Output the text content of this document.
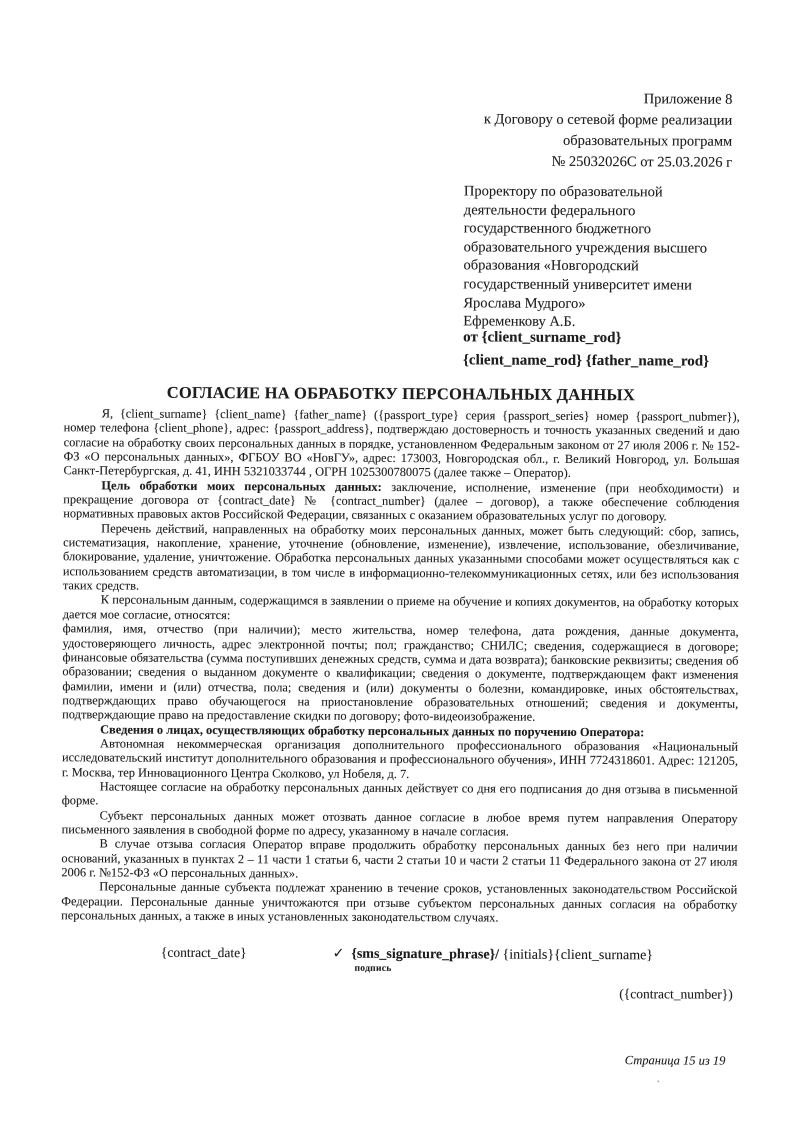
Приложение 8
к Договору о сетевой форме реализации
образовательных программ
№ 25032026С от 25.03.2026 г
Проректору по образовательной
деятельности федерального
государственного бюджетного
образовательного учреждения высшего
образования «Новгородский
государственный университет имени
Ярослава Мудрого»
Ефременкову А.Б.
от {client_surname_rod}
{client_name_rod} {father_name_rod}
СОГЛАСИЕ НА ОБРАБОТКУ ПЕРСОНАЛЬНЫХ ДАННЫХ

Я, {client_surname} {client_name} {father_name} ({passport_type} серия {passport_series} номер {passport_nubmer}), номер телефона {client_phone}, адрес: {passport_address}, подтверждаю достоверность и точность указанных сведений и даю согласие на обработку своих персональных данных в порядке, установленном Федеральным законом от 27 июля 2006 г. № 152-ФЗ «О персональных данных», ФГБОУ ВО «НовГУ», адрес: 173003, Новгородская обл., г. Великий Новгород, ул. Большая Санкт-Петербургская, д. 41, ИНН 5321033744 , ОГРН 1025300780075 (далее также – Оператор).

Цель обработки моих персональных данных: заключение, исполнение, изменение (при необходимости) и прекращение договора от {contract_date} № {contract_number} (далее – договор), а также обеспечение соблюдения нормативных правовых актов Российской Федерации, связанных с оказанием образовательных услуг по договору.

Перечень действий, направленных на обработку моих персональных данных, может быть следующий: сбор, запись, систематизация, накопление, хранение, уточнение (обновление, изменение), извлечение, использование, обезличивание, блокирование, удаление, уничтожение. Обработка персональных данных указанными способами может осуществляться как с использованием средств автоматизации, в том числе в информационно-телекоммуникационных сетях, или без использования таких средств.

К персональным данным, содержащимся в заявлении о приеме на обучение и копиях документов, на обработку которых дается мое согласие, относятся:

фамилия, имя, отчество (при наличии); место жительства, номер телефона, дата рождения, данные документа, удостоверяющего личность, адрес электронной почты; пол; гражданство; СНИЛС; сведения, содержащиеся в договоре; финансовые обязательства (сумма поступивших денежных средств, сумма и дата возврата); банковские реквизиты; сведения об образовании; сведения о выданном документе о квалификации; сведения о документе, подтверждающем факт изменения фамилии, имени и (или) отчества, пола; сведения и (или) документы о болезни, командировке, иных обстоятельствах, подтверждающих право обучающегося на приостановление образовательных отношений; сведения и документы, подтверждающие право на предоставление скидки по договору; фото-видеоизображение.

Сведения о лицах, осуществляющих обработку персональных данных по поручению Оператора:

Автономная некоммерческая организация дополнительного профессионального образования «Национальный исследовательский институт дополнительного образования и профессионального обучения», ИНН 7724318601. Адрес: 121205, г. Москва, тер Инновационного Центра Сколково, ул Нобеля, д. 7.

Настоящее согласие на обработку персональных данных действует со дня его подписания до дня отзыва в письменной форме.

Субъект персональных данных может отозвать данное согласие в любое время путем направления Оператору письменного заявления в свободной форме по адресу, указанному в начале согласия.

В случае отзыва согласия Оператор вправе продолжить обработку персональных данных без него при наличии оснований, указанных в пунктах 2 – 11 части 1 статьи 6, части 2 статьи 10 и части 2 статьи 11 Федерального закона от 27 июля 2006 г. №152-ФЗ «О персональных данных».

Персональные данные субъекта подлежат хранению в течение сроков, установленных законодательством Российской Федерации. Персональные данные уничтожаются при отзыве субъектом персональных данных согласия на обработку персональных данных, а также в иных установленных законодательством случаях.

{contract_date}	✓ {sms_signature_phrase}/ {initials}{client_surname}
подпись
({contract_number})
Страница 15 из 19
